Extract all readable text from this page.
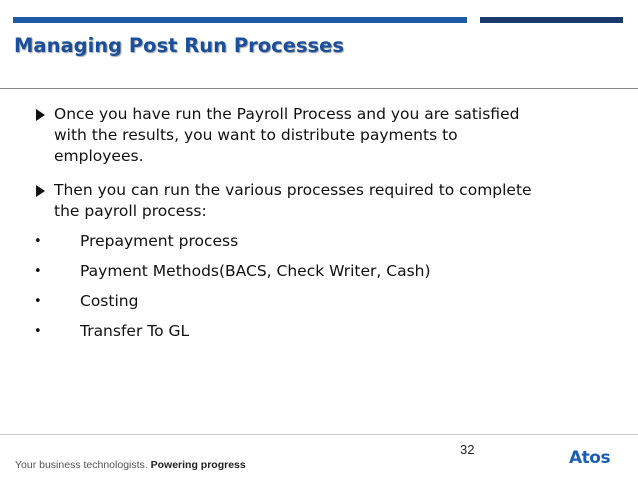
Managing Post Run Processes
Once you have run the Payroll Process and you are satisfied
with the results, you want to distribute payments to
employees.
Then you can run the various processes required to complete
the payroll process:
• Prepayment process
• Payment Methods(BACS, Check Writer, Cash)
• Costing
• Transfer To GL
32
Your business technologists. Powering progress	Atos
